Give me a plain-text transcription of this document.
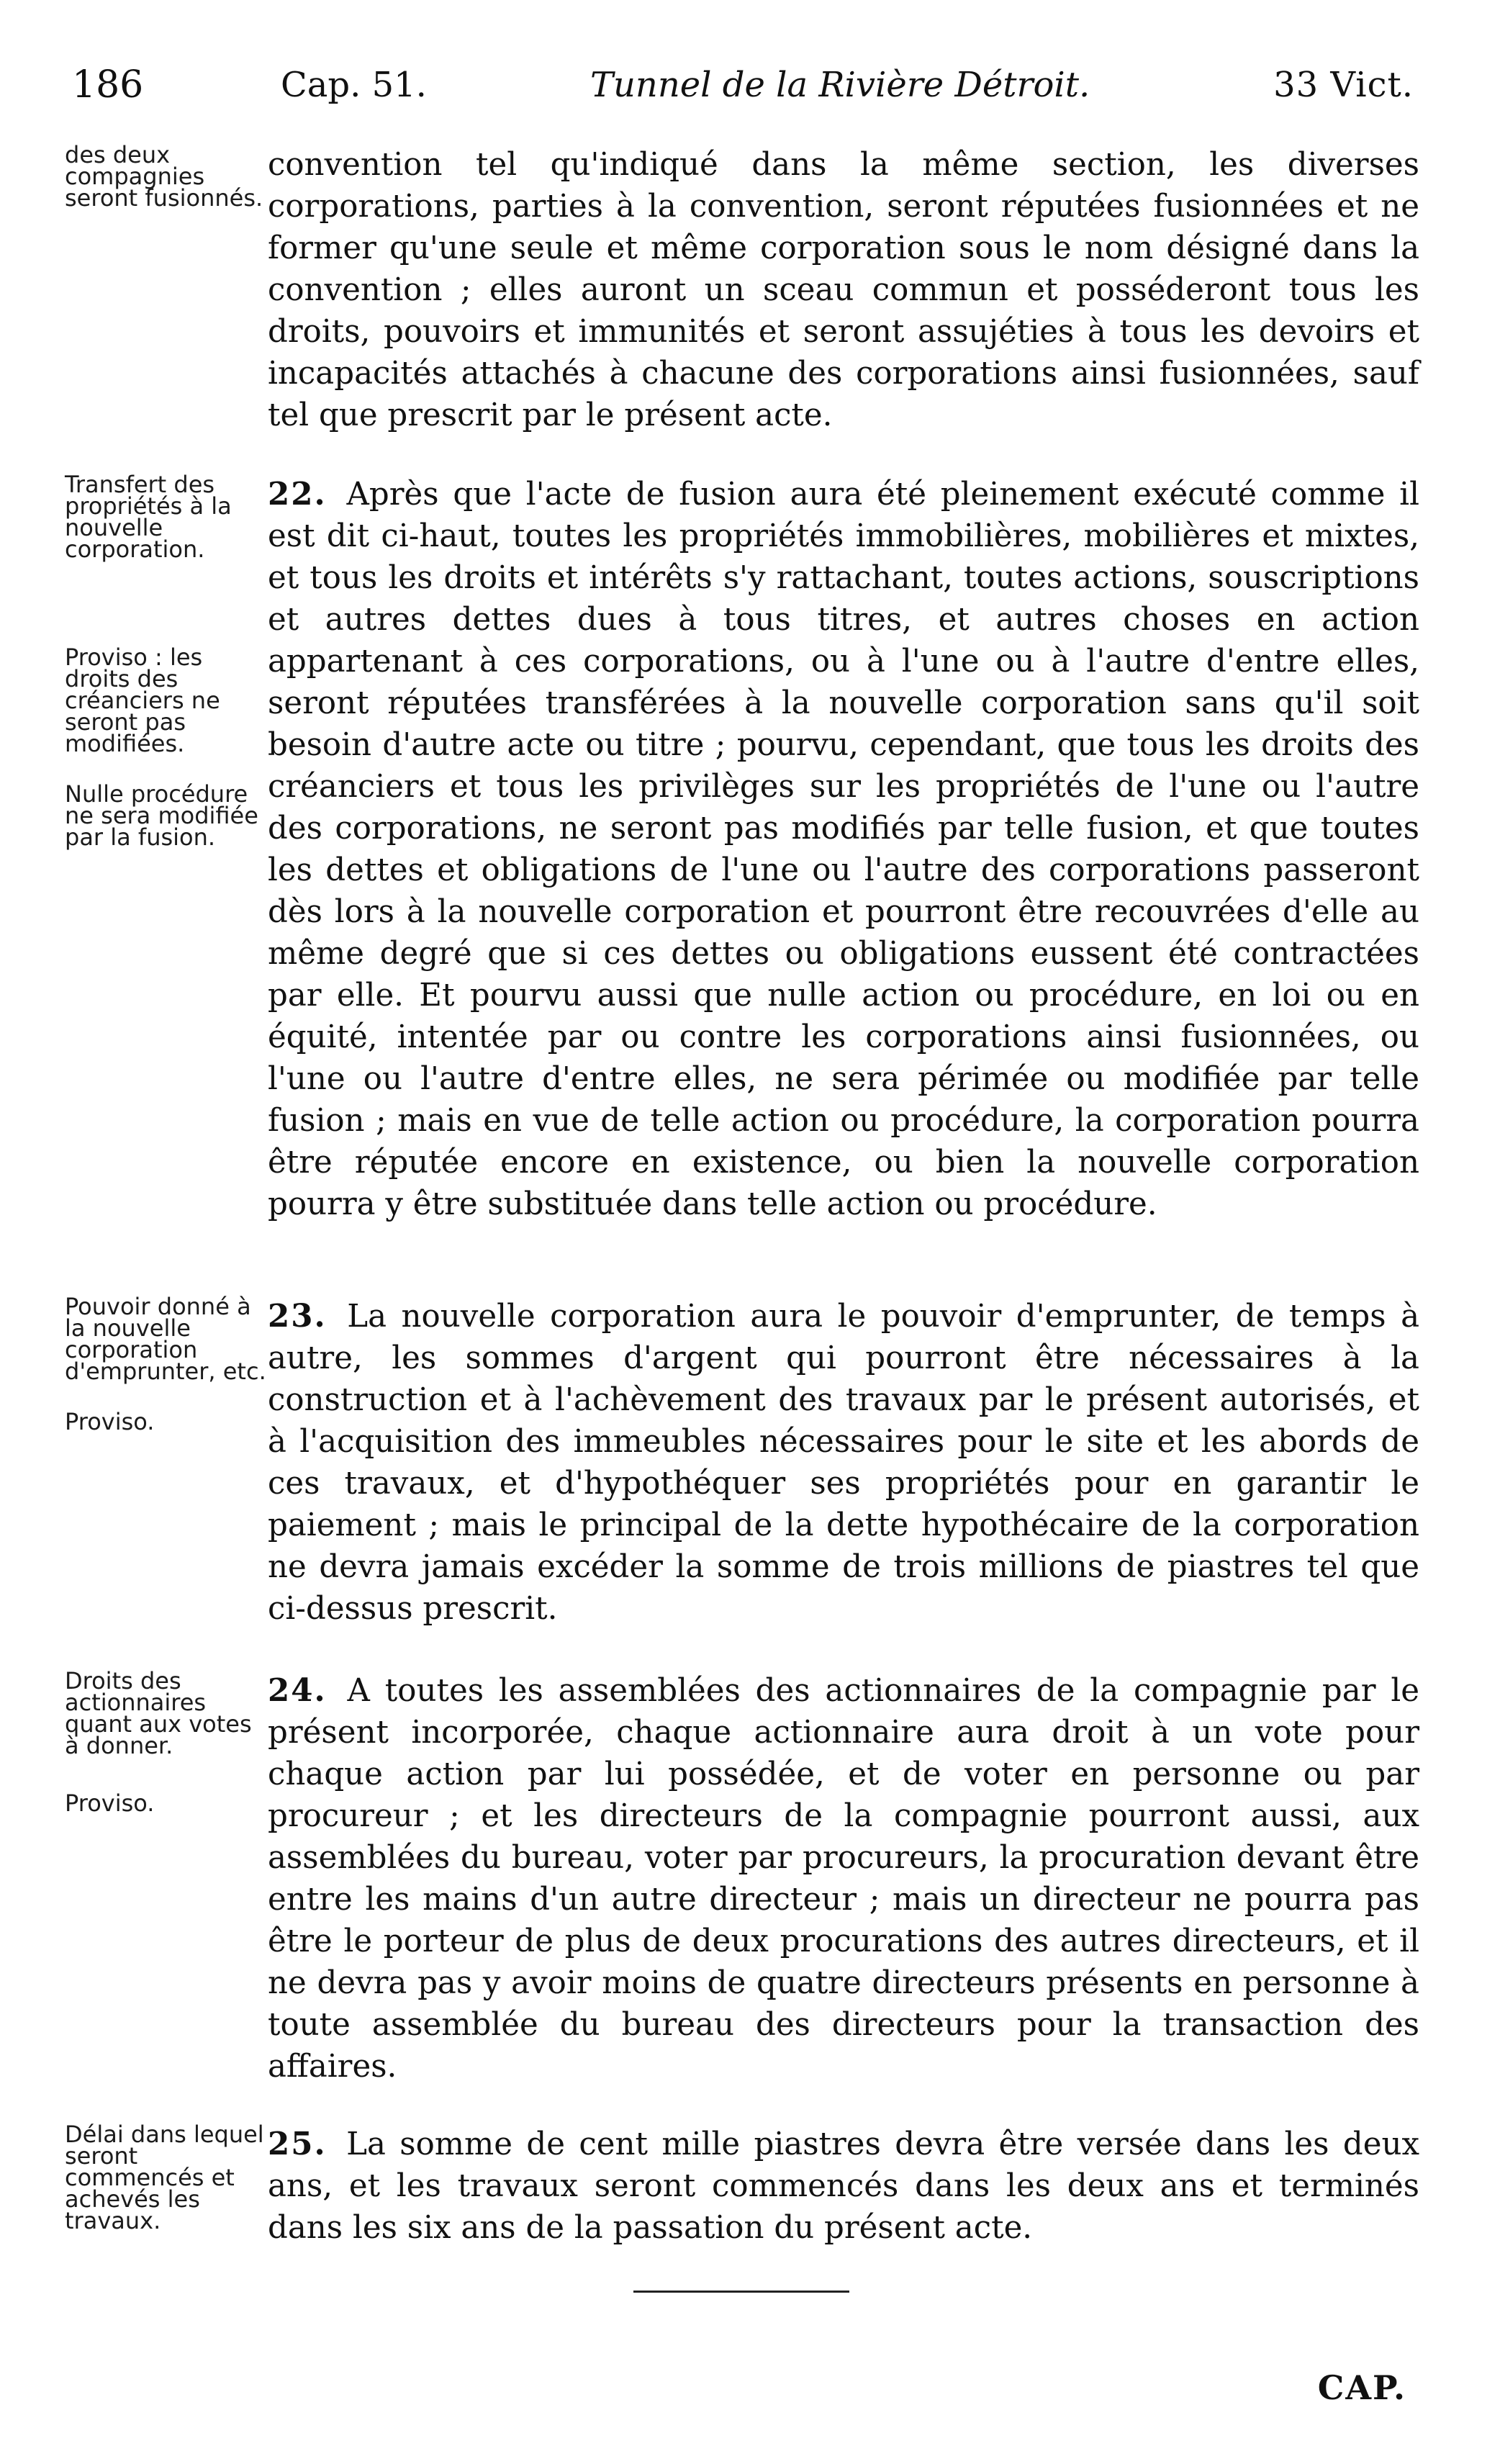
186	Cap. 51.	Tunnel de la Rivière Détroit.	33 Vict.

des deux compagnies seront fusionnés.

convention tel qu'indiqué dans la même section, les diverses corporations, parties à la convention, seront réputées fusionnées et ne former qu'une seule et même corporation sous le nom désigné dans la convention ; elles auront un sceau commun et posséderont tous les droits, pouvoirs et immunités et seront assujéties à tous les devoirs et incapacités attachés à chacune des corporations ainsi fusionnées, sauf tel que prescrit par le présent acte.

Transfert des propriétés à la nouvelle corporation.

Proviso : les droits des créanciers ne seront pas modifiées.

Nulle procédure ne sera modifiée par la fusion.

22. Après que l'acte de fusion aura été pleinement exécuté comme il est dit ci-haut, toutes les propriétés immobilières, mobilières et mixtes, et tous les droits et intérêts s'y rattachant, toutes actions, souscriptions et autres dettes dues à tous titres, et autres choses en action appartenant à ces corporations, ou à l'une ou à l'autre d'entre elles, seront réputées transférées à la nouvelle corporation sans qu'il soit besoin d'autre acte ou titre ; pourvu, cependant, que tous les droits des créanciers et tous les privilèges sur les propriétés de l'une ou l'autre des corporations, ne seront pas modifiés par telle fusion, et que toutes les dettes et obligations de l'une ou l'autre des corporations passeront dès lors à la nouvelle corporation et pourront être recouvrées d'elle au même degré que si ces dettes ou obligations eussent été contractées par elle. Et pourvu aussi que nulle action ou procédure, en loi ou en équité, intentée par ou contre les corporations ainsi fusionnées, ou l'une ou l'autre d'entre elles, ne sera périmée ou modifiée par telle fusion ; mais en vue de telle action ou procédure, la corporation pourra être réputée encore en existence, ou bien la nouvelle corporation pourra y être substituée dans telle action ou procédure.

Pouvoir donné à la nouvelle corporation d'emprunter, etc.

Proviso.

23. La nouvelle corporation aura le pouvoir d'emprunter, de temps à autre, les sommes d'argent qui pourront être nécessaires à la construction et à l'achèvement des travaux par le présent autorisés, et à l'acquisition des immeubles nécessaires pour le site et les abords de ces travaux, et d'hypothéquer ses propriétés pour en garantir le paiement ; mais le principal de la dette hypothécaire de la corporation ne devra jamais excéder la somme de trois millions de piastres tel que ci-dessus prescrit.

Droits des actionnaires quant aux votes à donner.

Proviso.

24. A toutes les assemblées des actionnaires de la compagnie par le présent incorporée, chaque actionnaire aura droit à un vote pour chaque action par lui possédée, et de voter en personne ou par procureur ; et les directeurs de la compagnie pourront aussi, aux assemblées du bureau, voter par procureurs, la procuration devant être entre les mains d'un autre directeur ; mais un directeur ne pourra pas être le porteur de plus de deux procurations des autres directeurs, et il ne devra pas y avoir moins de quatre directeurs présents en personne à toute assemblée du bureau des directeurs pour la transaction des affaires.

Délai dans lequel seront commencés et achevés les travaux.

25. La somme de cent mille piastres devra être versée dans les deux ans, et les travaux seront commencés dans les deux ans et terminés dans les six ans de la passation du présent acte.

CAP.
